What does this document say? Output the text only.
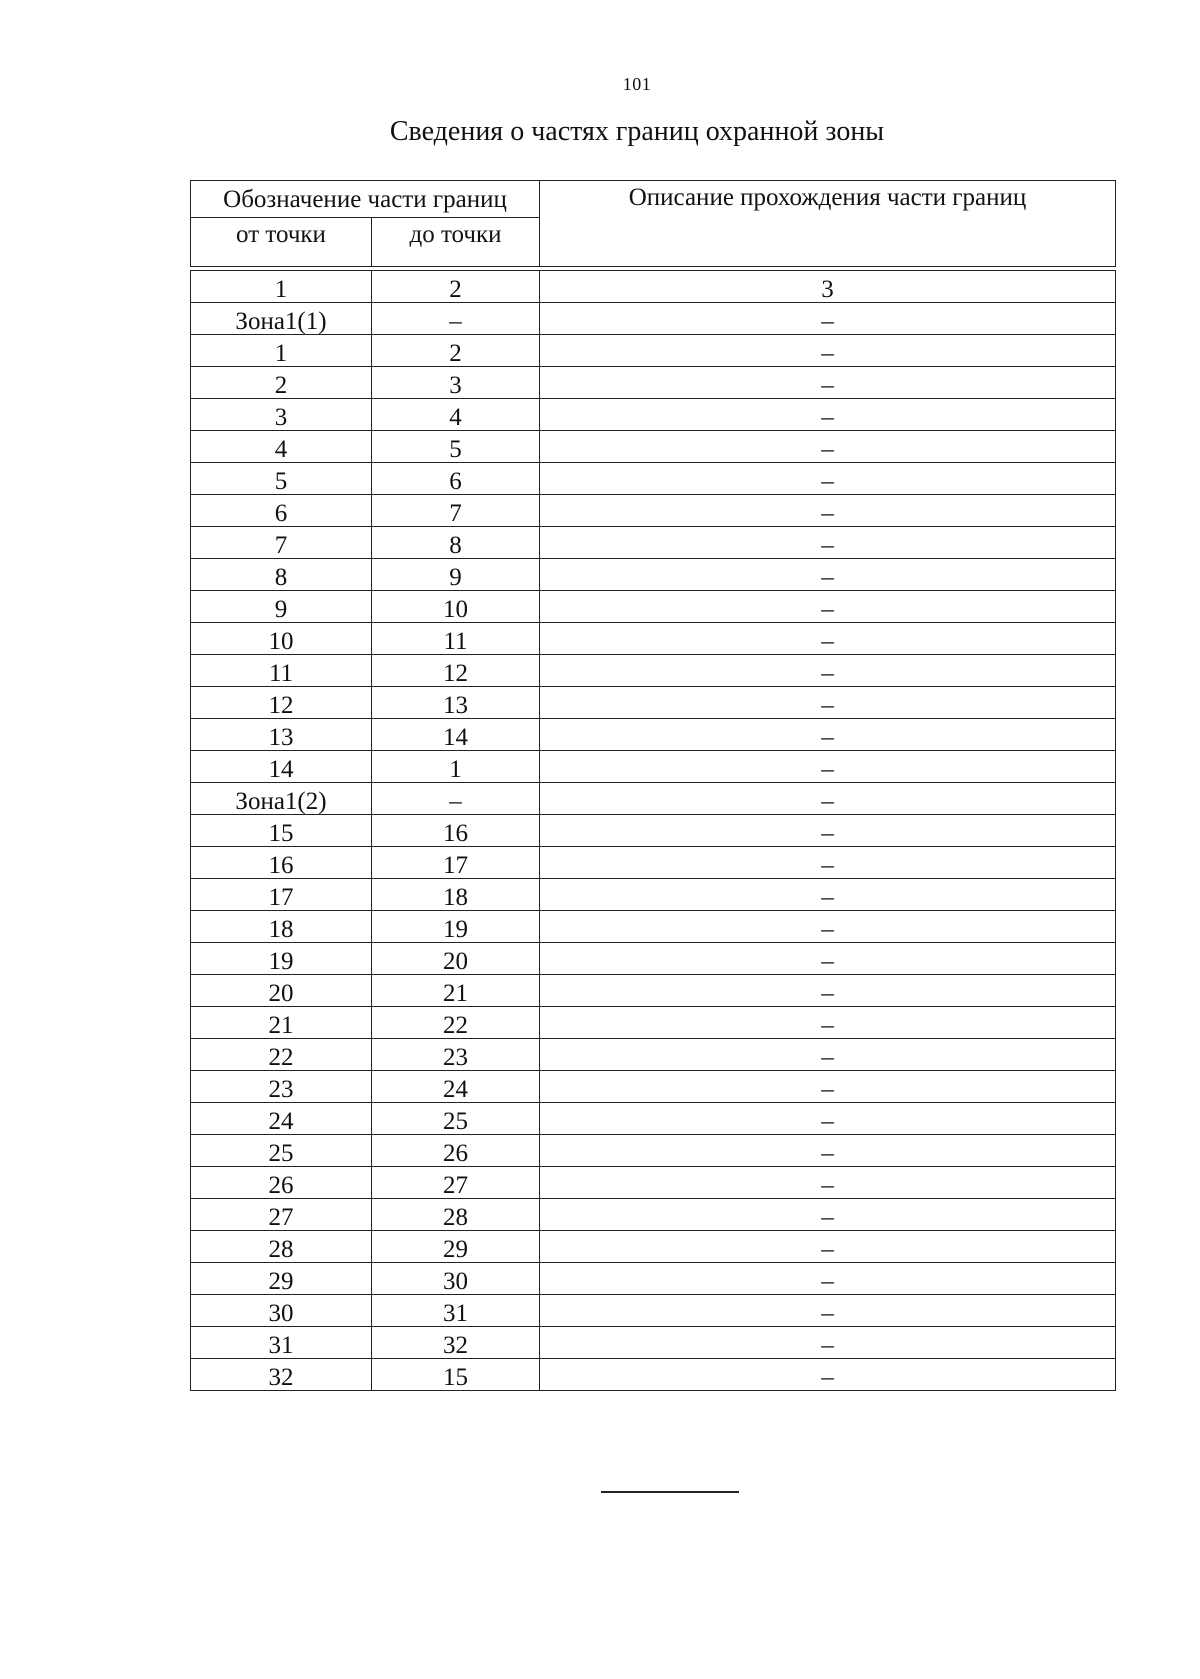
101
Сведения о частях границ охранной зоны
Обозначение части границ		Описание прохождения части границ
от точки	до точки	

1	2	3
Зона1(1)	–	–
1	2	–
2	3	–
3	4	–
4	5	–
5	6	–
6	7	–
7	8	–
8	9	–
9	10	–
10	11	–
11	12	–
12	13	–
13	14	–
14	1	–
Зона1(2)	–	–
15	16	–
16	17	–
17	18	–
18	19	–
19	20	–
20	21	–
21	22	–
22	23	–
23	24	–
24	25	–
25	26	–
26	27	–
27	28	–
28	29	–
29	30	–
30	31	–
31	32	–
32	15	–
